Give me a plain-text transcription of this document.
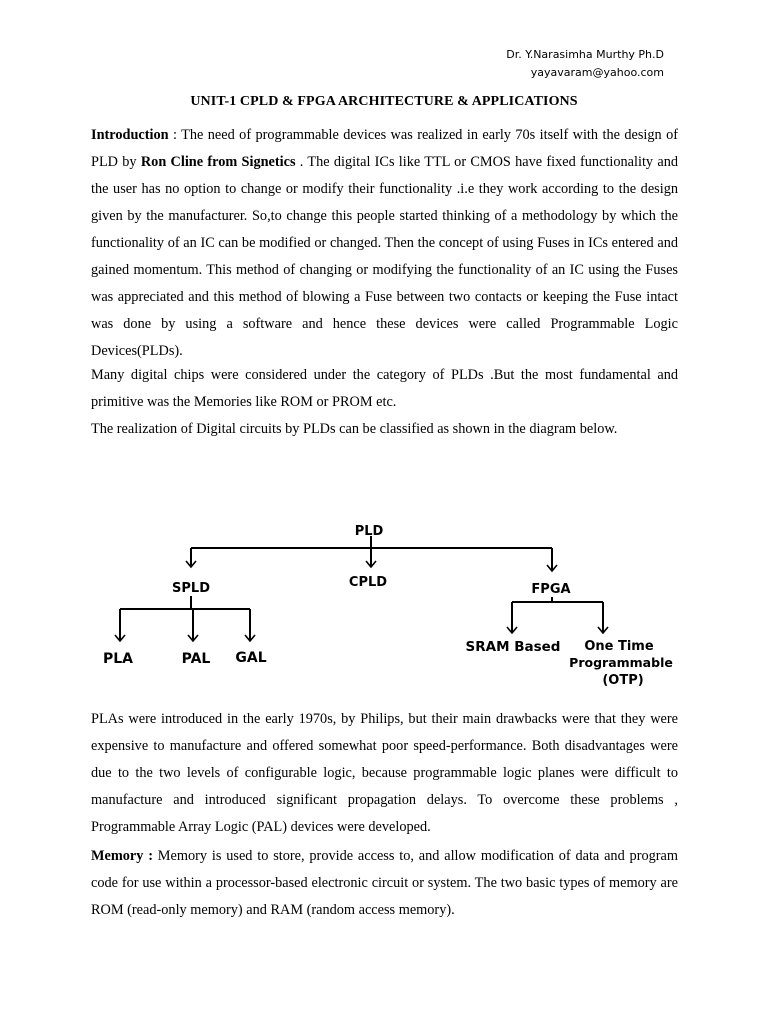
Dr. Y.Narasimha Murthy Ph.D
yayavaram@yahoo.com
UNIT-1 CPLD & FPGA ARCHITECTURE & APPLICATIONS

Introduction : The need of programmable devices was realized in early 70s itself with the design of PLD by Ron Cline from Signetics . The digital ICs like TTL or CMOS have fixed functionality and the user has no option to change or modify their functionality .i.e they work according to the design given by the manufacturer. So,to change this people started thinking of a methodology by which the functionality of an IC can be modified or changed. Then the concept of using Fuses in ICs entered and gained momentum. This method of changing or modifying the functionality of an IC using the Fuses was appreciated and this method of blowing a Fuse between two contacts or keeping the Fuse intact was done by using a software and hence these devices were called Programmable Logic Devices(PLDs).

Many digital chips were considered under the category of PLDs .But the most fundamental and primitive was the Memories like ROM or PROM etc.

The realization of Digital circuits by PLDs can be classified as shown in the diagram below.

PLD
SPLD	CPLD	FPGA
PLA	PAL GAL
SRAM Based One Time
Programmable
(OTP)

PLAs were introduced in the early 1970s, by Philips, but their main drawbacks were that they were expensive to manufacture and offered somewhat poor speed-performance. Both disadvantages were due to the two levels of configurable logic, because programmable logic planes were difficult to manufacture and introduced significant propagation delays. To overcome these problems , Programmable Array Logic (PAL) devices were developed.

Memory : Memory is used to store, provide access to, and allow modification of data and program code for use within a processor-based electronic circuit or system. The two basic types of memory are ROM (read-only memory) and RAM (random access memory).
